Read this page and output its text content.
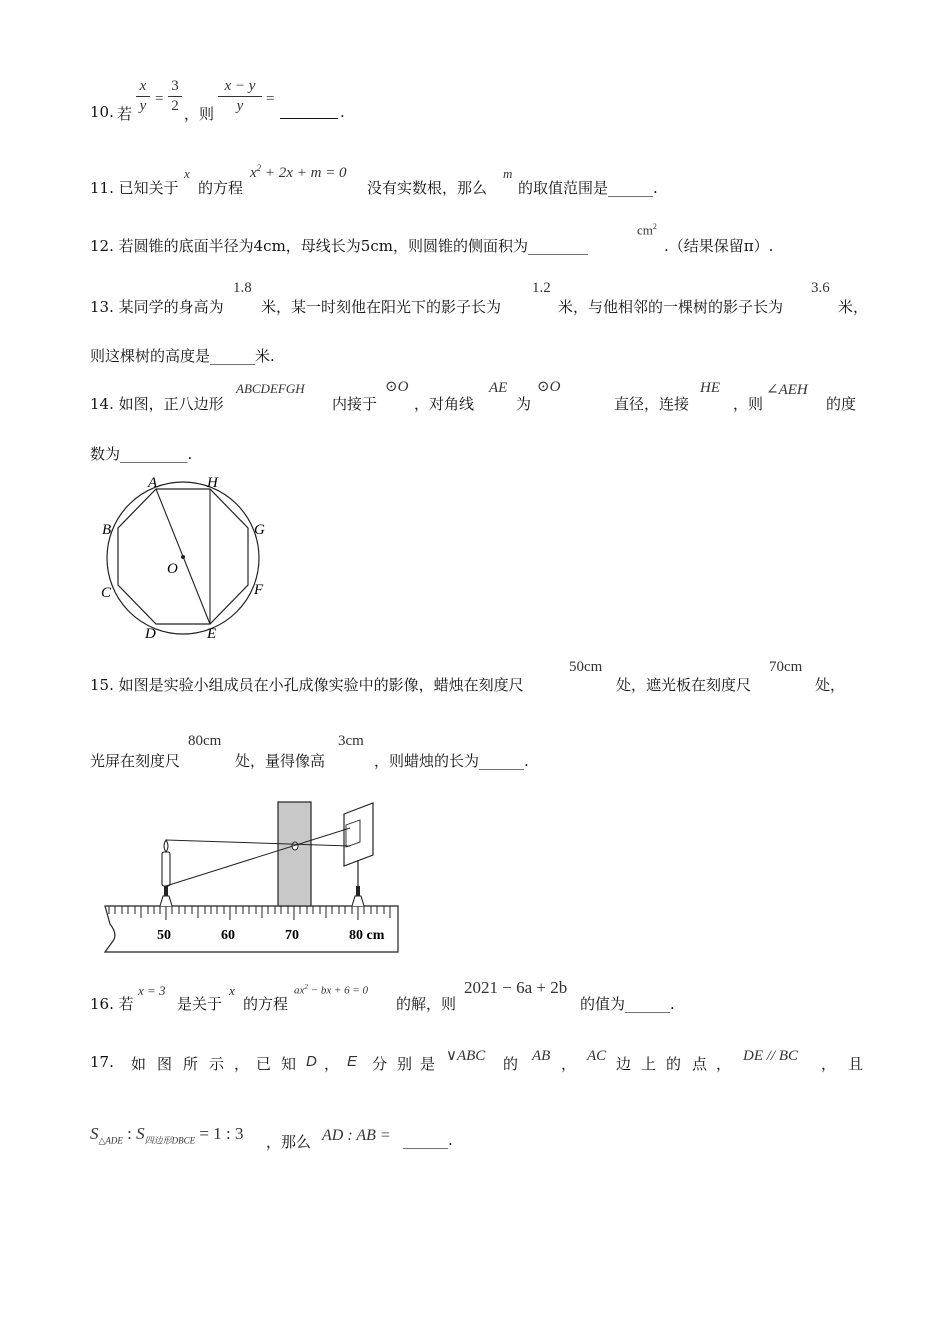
10. 若
x
y =
3
2 ，则
x − y
y	=
.
11. 已知关于
x
的方程
$x^2 + 2x + m = 0$
没有实数根，那么
m
的取值范围是______.
12. 若圆锥的底面半径为4cm，母线长为5cm，则圆锥的侧面积为________
$cm^2$
.（结果保留π）.
13. 某同学的身高为
1.8
米，某一时刻他在阳光下的影子长为
1.2
米，与他相邻的一棵树的影子长为
3.6
米，
则这棵树的高度是______米.
14. 如图，正八边形
ABCDEFGH
内接于
⊙O
，对角线
AE
为
⊙O
直径，连接
HE
，则
∠AEH
的度
数为_________.
A	H
B	G
O
C	F
D	E
15. 如图是实验小组成员在小孔成像实验中的影像，蜡烛在刻度尺
50cm
处，遮光板在刻度尺
70cm
处，
光屏在刻度尺
80cm
处，量得像高
3cm
，则蜡烛的长为______.
50	60	70	80 cm
16. 若
x = 3
是关于
x
的方程
$ax^2$ − bx + 6 = 0
的解，则
2021 − 6a + 2b
的值为______.
17. 如 图 所 示 ， 已 知 D ， E 分 别 是 ∨ABC 的 AB ， AC 边 上 的 点 ， DE // BC ， 且
$S_{\triangle ADE}$ : $S_{四边形DBCE} = 1$ : 3 ，那么 AD : AB = ______.
